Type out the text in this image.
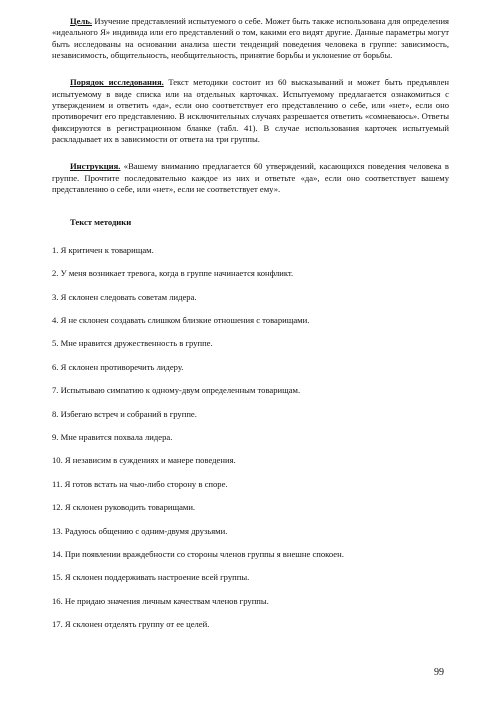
Цель. Изучение представлений испытуемого о себе. Может быть также использована для определения «идеального Я» индивида или его представлений о том, какими его видят другие. Данные параметры могут быть исследованы на основании анализа шести тенденций поведения человека в группе: зависимость, независимость, общительность, необщительность, принятие борьбы и уклонение от борьбы.

Порядок исследования. Текст методики состоит из 60 высказываний и может быть предъявлен испытуемому в виде списка или на отдельных карточках. Испытуемому предлагается ознакомиться с утверждением и ответить «да», если оно соответствует его представлению о себе, или «нет», если оно противоречит его представлению. В исключительных случаях разрешается ответить «сомневаюсь». Ответы фиксируются в регистрационном бланке (табл. 41). В случае использования карточек испытуемый раскладывает их в зависимости от ответа на три группы.

Инструкция. «Вашему вниманию предлагается 60 утверждений, касающихся поведения человека в группе. Прочтите последовательно каждое из них и ответьте «да», если оно соответствует вашему представлению о себе, или «нет», если не соответствует ему».

Текст методики

1. Я критичен к товарищам.
2. У меня возникает тревога, когда в группе начинается конфликт.
3. Я склонен следовать советам лидера.
4. Я не склонен создавать слишком близкие отношения с товарищами.
5. Мне нравится дружественность в группе.
6. Я склонен противоречить лидеру.
7. Испытываю симпатию к одному-двум определенным товарищам.
8. Избегаю встреч и собраний в группе.
9. Мне нравится похвала лидера.
10. Я независим в суждениях и манере поведения.
11. Я готов встать на чью-либо сторону в споре.
12. Я склонен руководить товарищами.
13. Радуюсь общению с одним-двумя друзьями.
14. При появлении враждебности со стороны членов группы я внешне спокоен.
15. Я склонен поддерживать настроение всей группы.
16. Не придаю значения личным качествам членов группы.
17. Я склонен отделять группу от ее целей.
99
